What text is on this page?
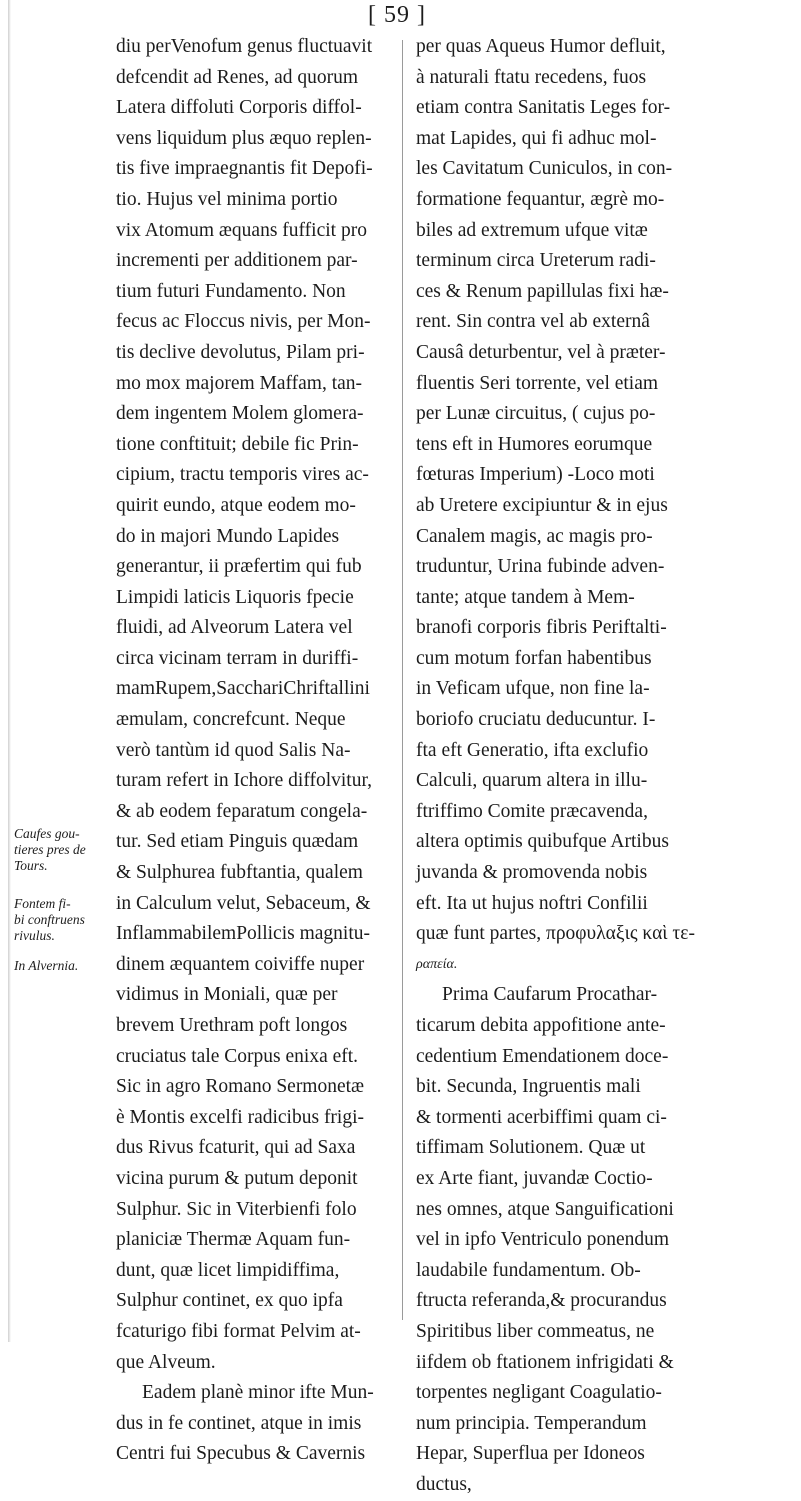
[ 59 ]
diu perVenofum genus fluctuavit
defcendit ad Renes, ad quorum
Latera diffoluti Corporis diffol-
vens liquidum plus æquo replen-
tis five impraegnantis fit Depofi-
tio. Hujus vel minima portio
vix Atomum æquans fufficit pro
incrementi per additionem par-
tium futuri Fundamento. Non
fecus ac Floccus nivis, per Mon-
tis declive devolutus, Pilam pri-
mo mox majorem Maffam, tan-
dem ingentem Molem glomera-
tione conftituit; debile fic Prin-
cipium, tractu temporis vires ac-
quirit eundo, atque eodem mo-
do in majori Mundo Lapides
generantur, ii præfertim qui fub
Limpidi laticis Liquoris fpecie
fluidi, ad Alveorum Latera vel
circa vicinam terram in duriffi-
mamRupem,SacchariChriftallini
æmulam, concrefcunt. Neque
verò tantùm id quod Salis Na-
turam refert in Ichore diffolvitur,
& ab eodem feparatum congela-
tur. Sed etiam Pinguis quædam
& Sulphurea fubftantia, qualem
in Calculum velut, Sebaceum, &
InflammabilemPollicis magnitu-
dinem æquantem coiviffe nuper
vidimus in Moniali, quæ per
brevem Urethram poft longos
cruciatus tale Corpus enixa eft.
Sic in agro Romano Sermonetæ
è Montis excelfi radicibus frigi-
dus Rivus fcaturit, qui ad Saxa
vicina purum & putum deponit
Sulphur. Sic in Viterbienfi folo
planiciæ Thermæ Aquam fun-
dunt, quæ licet limpidiffima,
Sulphur continet, ex quo ipfa
fcaturigo fibi format Pelvim at-
que Alveum.
Eadem planè minor ifte Mun-
dus in fe continet, atque in imis
Centri fui Specubus & Cavernis
per quas Aqueus Humor defluit,
à naturali ftatu recedens, fuos
etiam contra Sanitatis Leges for-
mat Lapides, qui fi adhuc mol-
les Cavitatum Cuniculos, in con-
formatione fequantur, ægrè mo-
biles ad extremum ufque vitæ
terminum circa Ureterum radi-
ces & Renum papillulas fixi hæ-
rent. Sin contra vel ab externâ
Causâ deturbentur, vel à præter-
fluentis Seri torrente, vel etiam
per Lunæ circuitus, ( cujus po-
tens eft in Humores eorumque
fœturas Imperium) -Loco moti
ab Uretere excipiuntur & in ejus
Canalem magis, ac magis pro-
truduntur, Urina fubinde adven-
tante; atque tandem à Mem-
branofi corporis fibris Periftalti-
cum motum forfan habentibus
in Veficam ufque, non fine la-
boriofo cruciatu deducuntur. I-
fta eft Generatio, ifta exclufio
Calculi, quarum altera in illu-
ftriffimo Comite præcavenda,
altera optimis quibufque Artibus
juvanda & promovenda nobis
eft. Ita ut hujus noftri Confilii
quæ funt partes, προφυλαξις καὶ τε-
ραπεία.
Prima Caufarum Procathar-
ticarum debita appofitione ante-
cedentium Emendationem doce-
bit. Secunda, Ingruentis mali
& tormenti acerbiffimi quam ci-
tiffimam Solutionem. Quæ ut
ex Arte fiant, juvandæ Coctio-
nes omnes, atque Sanguificationi
vel in ipfo Ventriculo ponendum
laudabile fundamentum. Ob-
ftructa referanda,& procurandus
Spiritibus liber commeatus, ne
iifdem ob ftationem infrigidati &
torpentes negligant Coagulatio-
num principia. Temperandum
Hepar, Superflua per Idoneos
ductus,
Caufes gou-
tieres pres de
Tours.
Fontem fi-
bi conftruens
rivulus.
In Alvernia.
